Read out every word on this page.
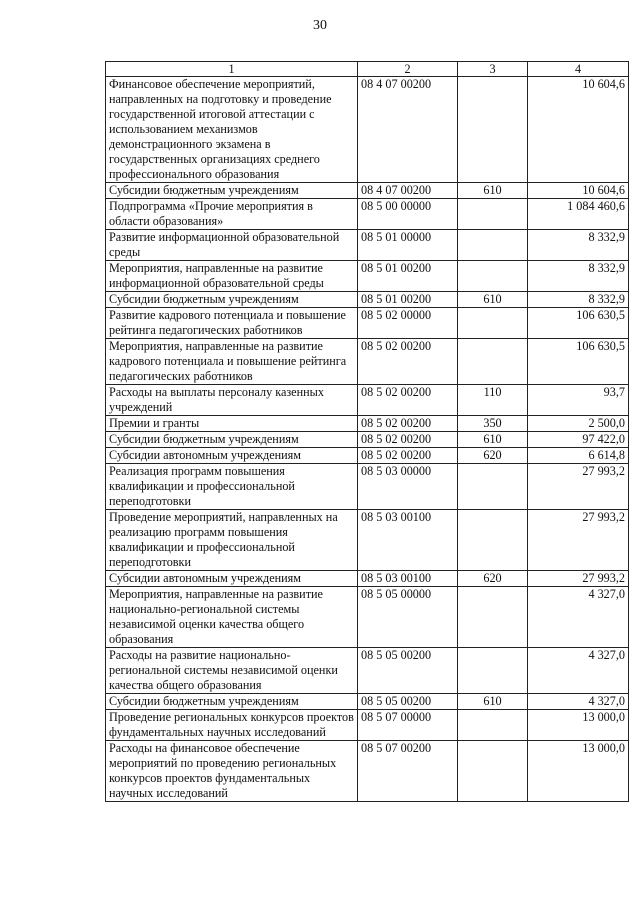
30
1	2	3	4
Финансовое обеспечение мероприятий, направленных на подготовку и проведение государственной итоговой аттестации с использованием механизмов демонстрационного экзамена в государственных организациях среднего профессионального образования	08 4 07 00200		10 604,6
Субсидии бюджетным учреждениям	08 4 07 00200	610	10 604,6
Подпрограмма «Прочие мероприятия в области образования»	08 5 00 00000		1 084 460,6
Развитие информационной образовательной среды	08 5 01 00000		8 332,9
Мероприятия, направленные на развитие информационной образовательной среды	08 5 01 00200		8 332,9
Субсидии бюджетным учреждениям	08 5 01 00200	610	8 332,9
Развитие кадрового потенциала и повышение рейтинга педагогических работников	08 5 02 00000		106 630,5
Мероприятия, направленные на развитие кадрового потенциала и повышение рейтинга педагогических работников	08 5 02 00200		106 630,5
Расходы на выплаты персоналу казенных учреждений	08 5 02 00200	110	93,7
Премии и гранты	08 5 02 00200	350	2 500,0
Субсидии бюджетным учреждениям	08 5 02 00200	610	97 422,0
Субсидии автономным учреждениям	08 5 02 00200	620	6 614,8
Реализация программ повышения квалификации и профессиональной переподготовки	08 5 03 00000		27 993,2
Проведение мероприятий, направленных на реализацию программ повышения квалификации и профессиональной переподготовки	08 5 03 00100		27 993,2
Субсидии автономным учреждениям	08 5 03 00100	620	27 993,2
Мероприятия, направленные на развитие национально-региональной системы независимой оценки качества общего образования	08 5 05 00000		4 327,0
Расходы на развитие национально-региональной системы независимой оценки качества общего образования	08 5 05 00200		4 327,0
Субсидии бюджетным учреждениям	08 5 05 00200	610	4 327,0
Проведение региональных конкурсов проектов фундаментальных научных исследований	08 5 07 00000		13 000,0
Расходы на финансовое обеспечение мероприятий по проведению региональных конкурсов проектов фундаментальных научных исследований	08 5 07 00200		13 000,0
